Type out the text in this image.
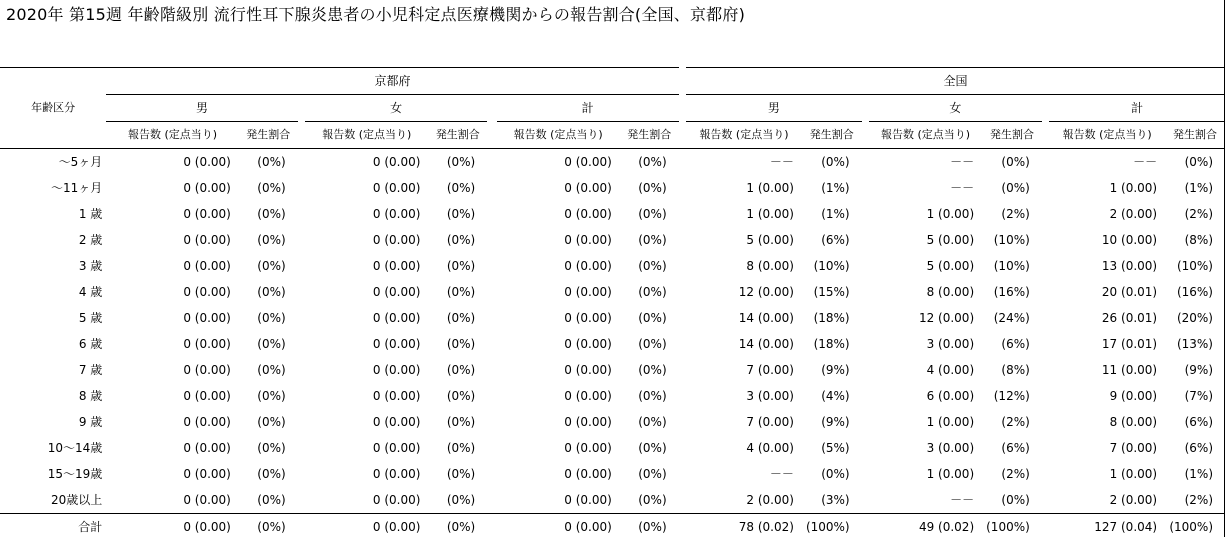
2020年 第15週 年齢階級別 流行性耳下腺炎患者の小児科定点医療機関からの報告割合(全国、京都府)
年齢区分	京都府									全国							
	男			女			計			男			女			計	
	報告数 (定点当り)	発生割合		報告数 (定点当り)	発生割合		報告数 (定点当り)	発生割合		報告数 (定点当り)	発生割合		報告数 (定点当り)	発生割合		報告数 (定点当り)	発生割合
～5ヶ月	0 (0.00)	(0%)		0 (0.00)	(0%)		0 (0.00)	(0%)		－－	(0%)		－－	(0%)		－－	(0%)
～11ヶ月	0 (0.00)	(0%)		0 (0.00)	(0%)		0 (0.00)	(0%)		1 (0.00)	(1%)		－－	(0%)		1 (0.00)	(1%)
1 歳	0 (0.00)	(0%)		0 (0.00)	(0%)		0 (0.00)	(0%)		1 (0.00)	(1%)		1 (0.00)	(2%)		2 (0.00)	(2%)
2 歳	0 (0.00)	(0%)		0 (0.00)	(0%)		0 (0.00)	(0%)		5 (0.00)	(6%)		5 (0.00)	(10%)		10 (0.00)	(8%)
3 歳	0 (0.00)	(0%)		0 (0.00)	(0%)		0 (0.00)	(0%)		8 (0.00)	(10%)		5 (0.00)	(10%)		13 (0.00)	(10%)
4 歳	0 (0.00)	(0%)		0 (0.00)	(0%)		0 (0.00)	(0%)		12 (0.00)	(15%)		8 (0.00)	(16%)		20 (0.01)	(16%)
5 歳	0 (0.00)	(0%)		0 (0.00)	(0%)		0 (0.00)	(0%)		14 (0.00)	(18%)		12 (0.00)	(24%)		26 (0.01)	(20%)
6 歳	0 (0.00)	(0%)		0 (0.00)	(0%)		0 (0.00)	(0%)		14 (0.00)	(18%)		3 (0.00)	(6%)		17 (0.01)	(13%)
7 歳	0 (0.00)	(0%)		0 (0.00)	(0%)		0 (0.00)	(0%)		7 (0.00)	(9%)		4 (0.00)	(8%)		11 (0.00)	(9%)
8 歳	0 (0.00)	(0%)		0 (0.00)	(0%)		0 (0.00)	(0%)		3 (0.00)	(4%)		6 (0.00)	(12%)		9 (0.00)	(7%)
9 歳	0 (0.00)	(0%)		0 (0.00)	(0%)		0 (0.00)	(0%)		7 (0.00)	(9%)		1 (0.00)	(2%)		8 (0.00)	(6%)
10～14歳	0 (0.00)	(0%)		0 (0.00)	(0%)		0 (0.00)	(0%)		4 (0.00)	(5%)		3 (0.00)	(6%)		7 (0.00)	(6%)
15～19歳	0 (0.00)	(0%)		0 (0.00)	(0%)		0 (0.00)	(0%)		－－	(0%)		1 (0.00)	(2%)		1 (0.00)	(1%)
20歳以上	0 (0.00)	(0%)		0 (0.00)	(0%)		0 (0.00)	(0%)		2 (0.00)	(3%)		－－	(0%)		2 (0.00)	(2%)
合計	0 (0.00)	(0%)		0 (0.00)	(0%)		0 (0.00)	(0%)		78 (0.02)	(100%)		49 (0.02)	(100%)		127 (0.04)	(100%)
